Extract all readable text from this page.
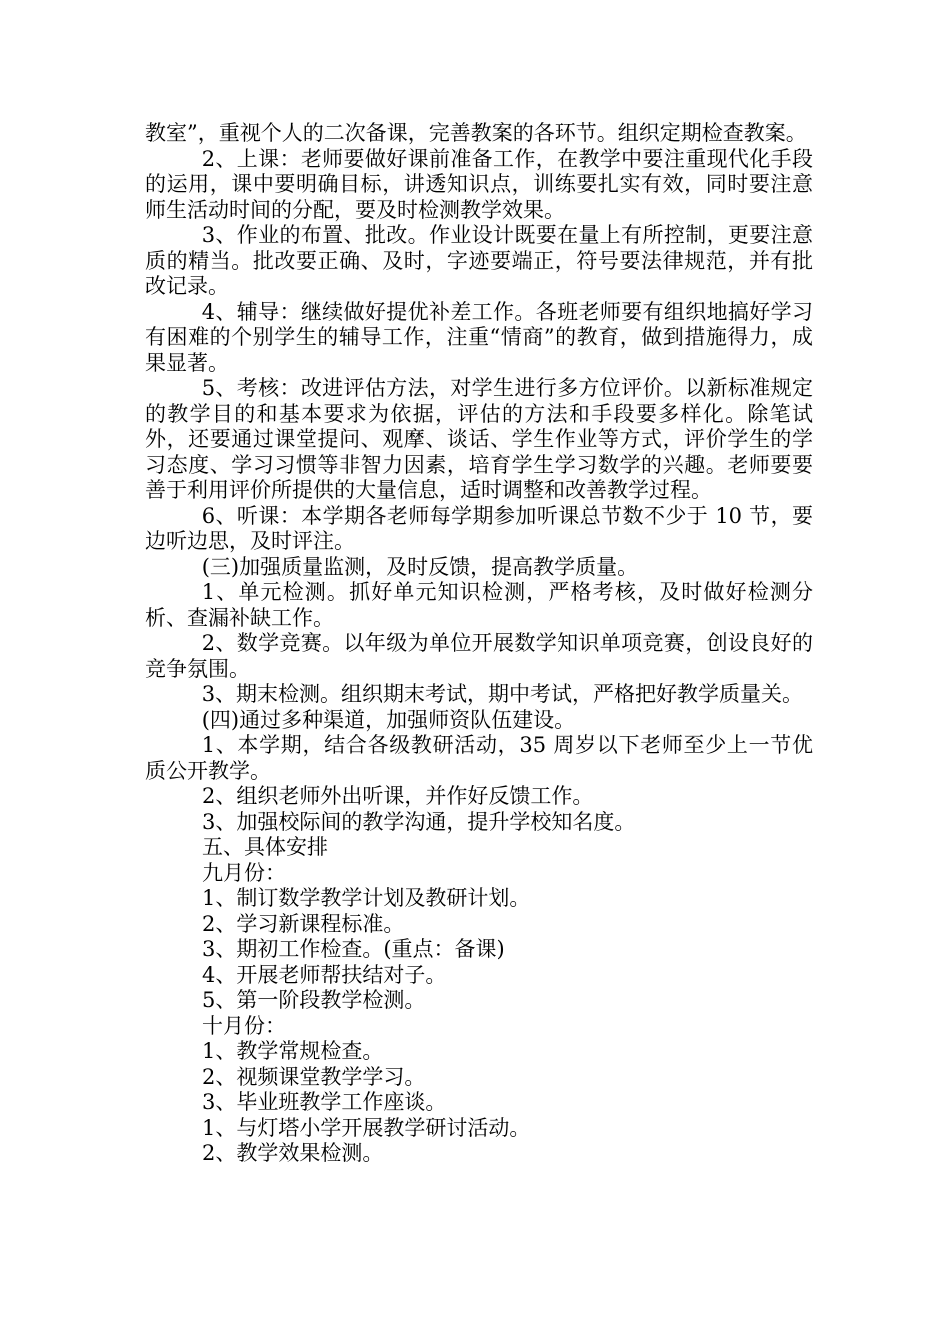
教室”，重视个人的二次备课，完善教案的各环节。组织定期检查教案。

2、上课：老师要做好课前准备工作，在教学中要注重现代化手段的运用，课中要明确目标，讲透知识点，训练要扎实有效，同时要注意师生活动时间的分配，要及时检测教学效果。

3、作业的布置、批改。作业设计既要在量上有所控制，更要注意质的精当。批改要正确、及时，字迹要端正，符号要法律规范，并有批改记录。

4、辅导：继续做好提优补差工作。各班老师要有组织地搞好学习有困难的个别学生的辅导工作，注重“情商”的教育，做到措施得力，成果显著。

5、考核：改进评估方法，对学生进行多方位评价。以新标准规定的教学目的和基本要求为依据，评估的方法和手段要多样化。除笔试外，还要通过课堂提问、观摩、谈话、学生作业等方式，评价学生的学习态度、学习习惯等非智力因素，培育学生学习数学的兴趣。老师要要善于利用评价所提供的大量信息，适时调整和改善教学过程。

6、听课：本学期各老师每学期参加听课总节数不少于 10 节，要边听边思，及时评注。

(三)加强质量监测，及时反馈，提高教学质量。

1、单元检测。抓好单元知识检测，严格考核，及时做好检测分析、查漏补缺工作。

2、数学竞赛。以年级为单位开展数学知识单项竞赛，创设良好的竞争氛围。

3、期末检测。组织期末考试，期中考试，严格把好教学质量关。

(四)通过多种渠道，加强师资队伍建设。

1、本学期，结合各级教研活动，35 周岁以下老师至少上一节优质公开教学。

2、组织老师外出听课，并作好反馈工作。

3、加强校际间的教学沟通，提升学校知名度。

五、具体安排

九月份：

1、制订数学教学计划及教研计划。

2、学习新课程标准。

3、期初工作检查。(重点：备课)

4、开展老师帮扶结对子。

5、第一阶段教学检测。

十月份：

1、教学常规检查。

2、视频课堂教学学习。

3、毕业班教学工作座谈。

1、与灯塔小学开展教学研讨活动。

2、教学效果检测。
